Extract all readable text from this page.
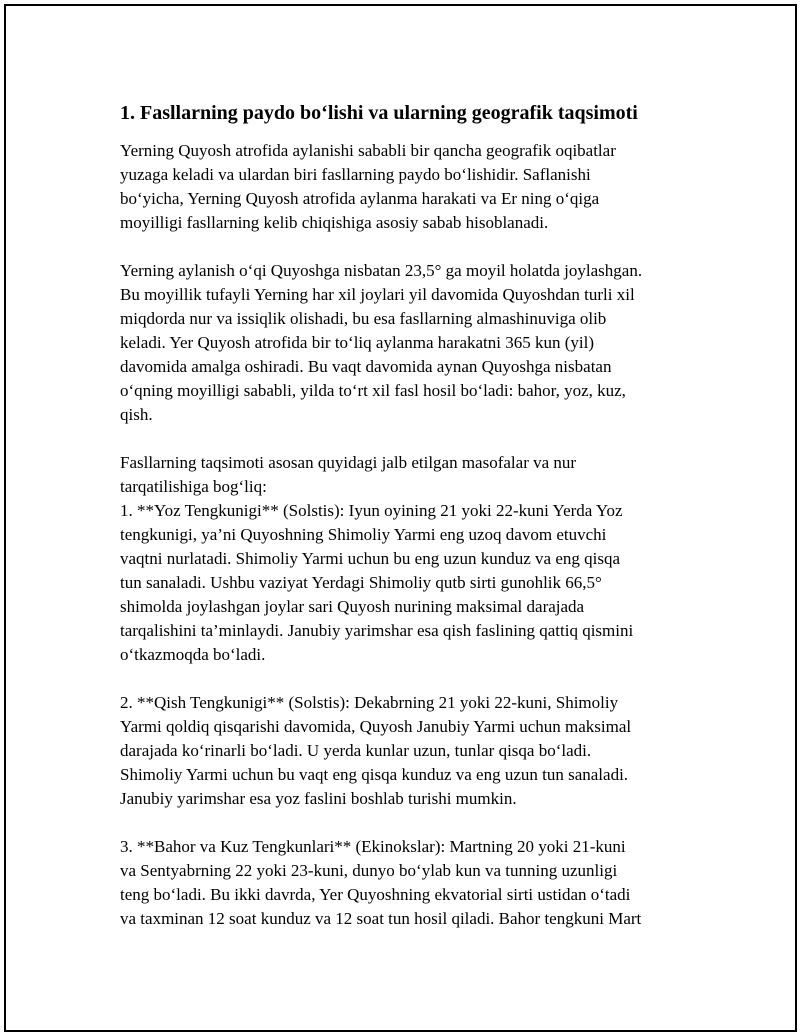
1. Fasllarning paydo bo‘lishi va ularning geografik taqsimoti

Yerning Quyosh atrofida aylanishi sababli bir qancha geografik oqibatlar
yuzaga keladi va ulardan biri fasllarning paydo bo‘lishidir. Saflanishi
bo‘yicha, Yerning Quyosh atrofida aylanma harakati va Er ning o‘qiga
moyilligi fasllarning kelib chiqishiga asosiy sabab hisoblanadi.

Yerning aylanish o‘qi Quyoshga nisbatan 23,5° ga moyil holatda joylashgan.
Bu moyillik tufayli Yerning har xil joylari yil davomida Quyoshdan turli xil
miqdorda nur va issiqlik olishadi, bu esa fasllarning almashinuviga olib
keladi. Yer Quyosh atrofida bir to‘liq aylanma harakatni 365 kun (yil)
davomida amalga oshiradi. Bu vaqt davomida aynan Quyoshga nisbatan
o‘qning moyilligi sababli, yilda to‘rt xil fasl hosil bo‘ladi: bahor, yoz, kuz,
qish.

Fasllarning taqsimoti asosan quyidagi jalb etilgan masofalar va nur
tarqatilishiga bog‘liq:
1. **Yoz Tengkunigi** (Solstis): Iyun oyining 21 yoki 22-kuni Yerda Yoz
tengkunigi, ya’ni Quyoshning Shimoliy Yarmi eng uzoq davom etuvchi
vaqtni nurlatadi. Shimoliy Yarmi uchun bu eng uzun kunduz va eng qisqa
tun sanaladi. Ushbu vaziyat Yerdagi Shimoliy qutb sirti gunohlik 66,5°
shimolda joylashgan joylar sari Quyosh nurining maksimal darajada
tarqalishini ta’minlaydi. Janubiy yarimshar esa qish faslining qattiq qismini
o‘tkazmoqda bo‘ladi.

2. **Qish Tengkunigi** (Solstis): Dekabrning 21 yoki 22-kuni, Shimoliy
Yarmi qoldiq qisqarishi davomida, Quyosh Janubiy Yarmi uchun maksimal
darajada ko‘rinarli bo‘ladi. U yerda kunlar uzun, tunlar qisqa bo‘ladi.
Shimoliy Yarmi uchun bu vaqt eng qisqa kunduz va eng uzun tun sanaladi.
Janubiy yarimshar esa yoz faslini boshlab turishi mumkin.

3. **Bahor va Kuz Tengkunlari** (Ekinokslar): Martning 20 yoki 21-kuni
va Sentyabrning 22 yoki 23-kuni, dunyo bo‘ylab kun va tunning uzunligi
teng bo‘ladi. Bu ikki davrda, Yer Quyoshning ekvatorial sirti ustidan o‘tadi
va taxminan 12 soat kunduz va 12 soat tun hosil qiladi. Bahor tengkuni Mart
